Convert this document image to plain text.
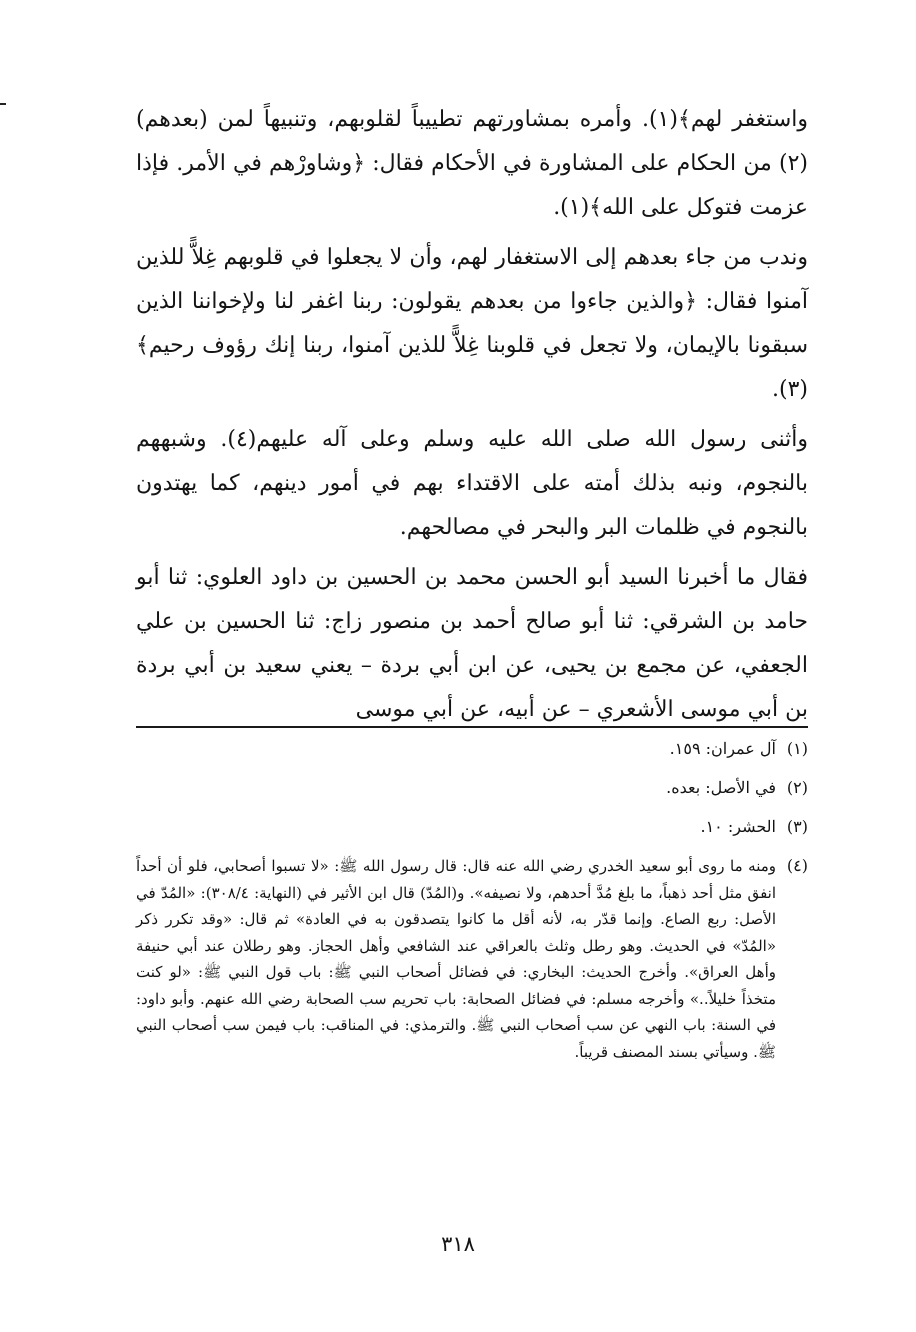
واستغفر لهم﴾(١). وأمره بمشاورتهم تطييباً لقلوبهم، وتنبيهاً لمن (بعدهم)(٢) من الحكام على المشاورة في الأحكام فقال: ﴿وشاورْهم في الأمر. فإذا عزمت فتوكل على الله﴾(١).

وندب من جاء بعدهم إلى الاستغفار لهم، وأن لا يجعلوا في قلوبهم غِلاًّ للذين آمنوا فقال: ﴿والذين جاءوا من بعدهم يقولون: ربنا اغفر لنا ولإخواننا الذين سبقونا بالإيمان، ولا تجعل في قلوبنا غِلاًّ للذين آمنوا، ربنا إنك رؤوف رحيم﴾(٣).

وأثنى رسول الله صلى الله عليه وسلم وعلى آله عليهم(٤). وشبههم بالنجوم، ونبه بذلك أمته على الاقتداء بهم في أمور دينهم، كما يهتدون بالنجوم في ظلمات البر والبحر في مصالحهم.

فقال ما أخبرنا السيد أبو الحسن محمد بن الحسين بن داود العلوي: ثنا أبو حامد بن الشرقي: ثنا أبو صالح أحمد بن منصور زاج: ثنا الحسين بن علي الجعفي، عن مجمع بن يحيى، عن ابن أبي بردة – يعني سعيد بن أبي بردة بن أبي موسى الأشعري – عن أبيه، عن أبي موسى

(١)
آل عمران: ١٥٩.
(٢)
في الأصل: بعده.
(٣)
الحشر: ١٠.
(٤)
ومنه ما روى أبو سعيد الخدري رضي الله عنه قال: قال رسول الله ﷺ: «لا تسبوا أصحابي، فلو أن أحداً انفق مثل أحد ذهباً، ما بلغ مُدَّ أحدهم، ولا نصيفه». و(المُدّ) قال ابن الأثير في (النهاية: ٣٠٨/٤): «المُدّ في الأصل: ربع الصاع. وإنما قدّر به، لأنه أقل ما كانوا يتصدقون به في العادة» ثم قال: «وقد تكرر ذكر «المُدّ» في الحديث. وهو رطل وثلث بالعراقي عند الشافعي وأهل الحجاز. وهو رطلان عند أبي حنيفة وأهل العراق». وأخرج الحديث: البخاري: في فضائل أصحاب النبي ﷺ: باب قول النبي ﷺ: «لو كنت متخذاً خليلاً..» وأخرجه مسلم: في فضائل الصحابة: باب تحريم سب الصحابة رضي الله عنهم. وأبو داود: في السنة: باب النهي عن سب أصحاب النبي ﷺ. والترمذي: في المناقب: باب فيمن سب أصحاب النبي ﷺ. وسيأتي بسند المصنف قريباً.
٣١٨
